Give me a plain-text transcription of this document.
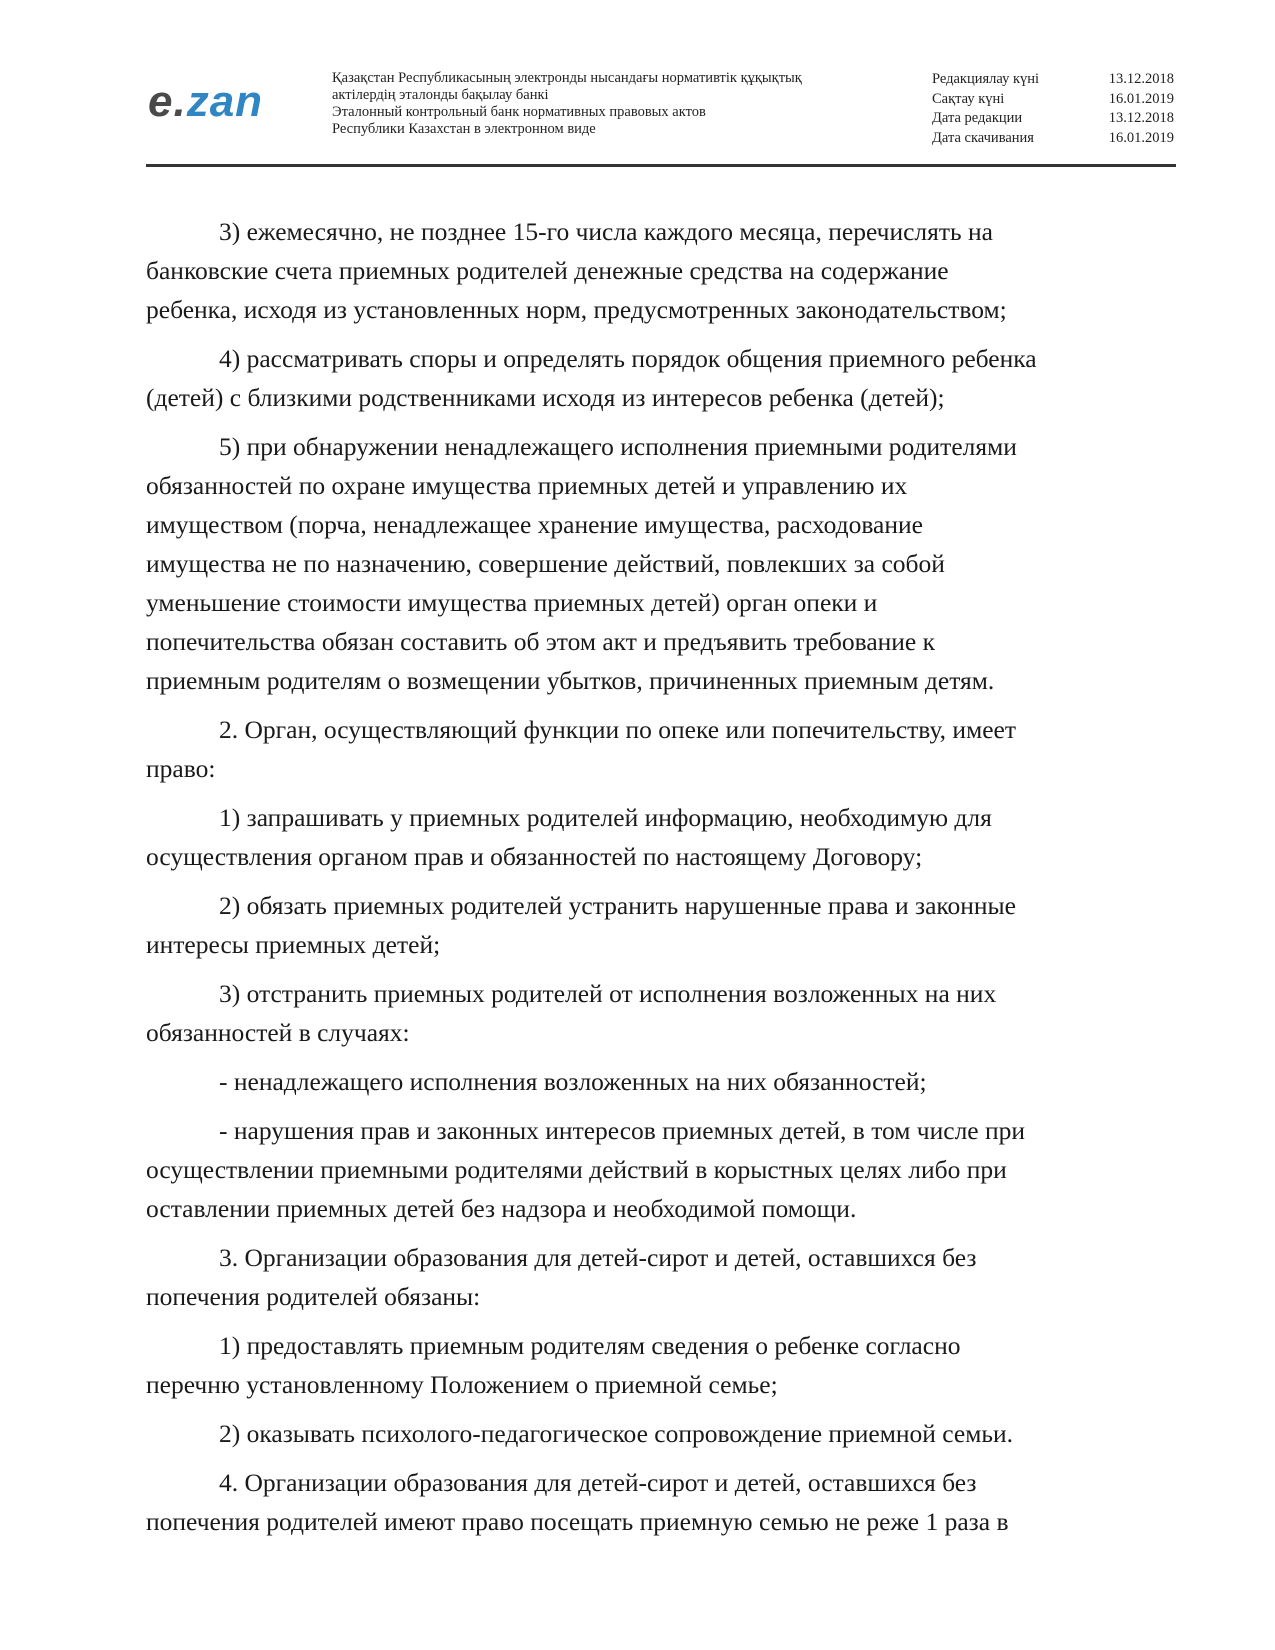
e.zan	Қазақстан Республикасының электронды нысандағы нормативтік құқықтық
актілердің эталонды бақылау банкі
Эталонный контрольный банк нормативных правовых актов
Республики Казахстан в электронном виде
Редакциялау күні	13.12.2018
Сақтау күні	16.01.2019
Дата редакции	13.12.2018
Дата скачивания	16.01.2019

3) ежемесячно, не позднее 15-го числа каждого месяца, перечислять на
банковские счета приемных родителей денежные средства на содержание
ребенка, исходя из установленных норм, предусмотренных законодательством;

4) рассматривать споры и определять порядок общения приемного ребенка
(детей) с близкими родственниками исходя из интересов ребенка (детей);

5) при обнаружении ненадлежащего исполнения приемными родителями
обязанностей по охране имущества приемных детей и управлению их
имуществом (порча, ненадлежащее хранение имущества, расходование
имущества не по назначению, совершение действий, повлекших за собой
уменьшение стоимости имущества приемных детей) орган опеки и
попечительства обязан составить об этом акт и предъявить требование к
приемным родителям о возмещении убытков, причиненных приемным детям.

2. Орган, осуществляющий функции по опеке или попечительству, имеет
право:

1) запрашивать у приемных родителей информацию, необходимую для
осуществления органом прав и обязанностей по настоящему Договору;

2) обязать приемных родителей устранить нарушенные права и законные
интересы приемных детей;

3) отстранить приемных родителей от исполнения возложенных на них
обязанностей в случаях:

- ненадлежащего исполнения возложенных на них обязанностей;

- нарушения прав и законных интересов приемных детей, в том числе при
осуществлении приемными родителями действий в корыстных целях либо при
оставлении приемных детей без надзора и необходимой помощи.

3. Организации образования для детей-сирот и детей, оставшихся без
попечения родителей обязаны:

1) предоставлять приемным родителям сведения о ребенке согласно
перечню установленному Положением о приемной семье;

2) оказывать психолого-педагогическое сопровождение приемной семьи.

4. Организации образования для детей-сирот и детей, оставшихся без
попечения родителей имеют право посещать приемную семью не реже 1 раза в
